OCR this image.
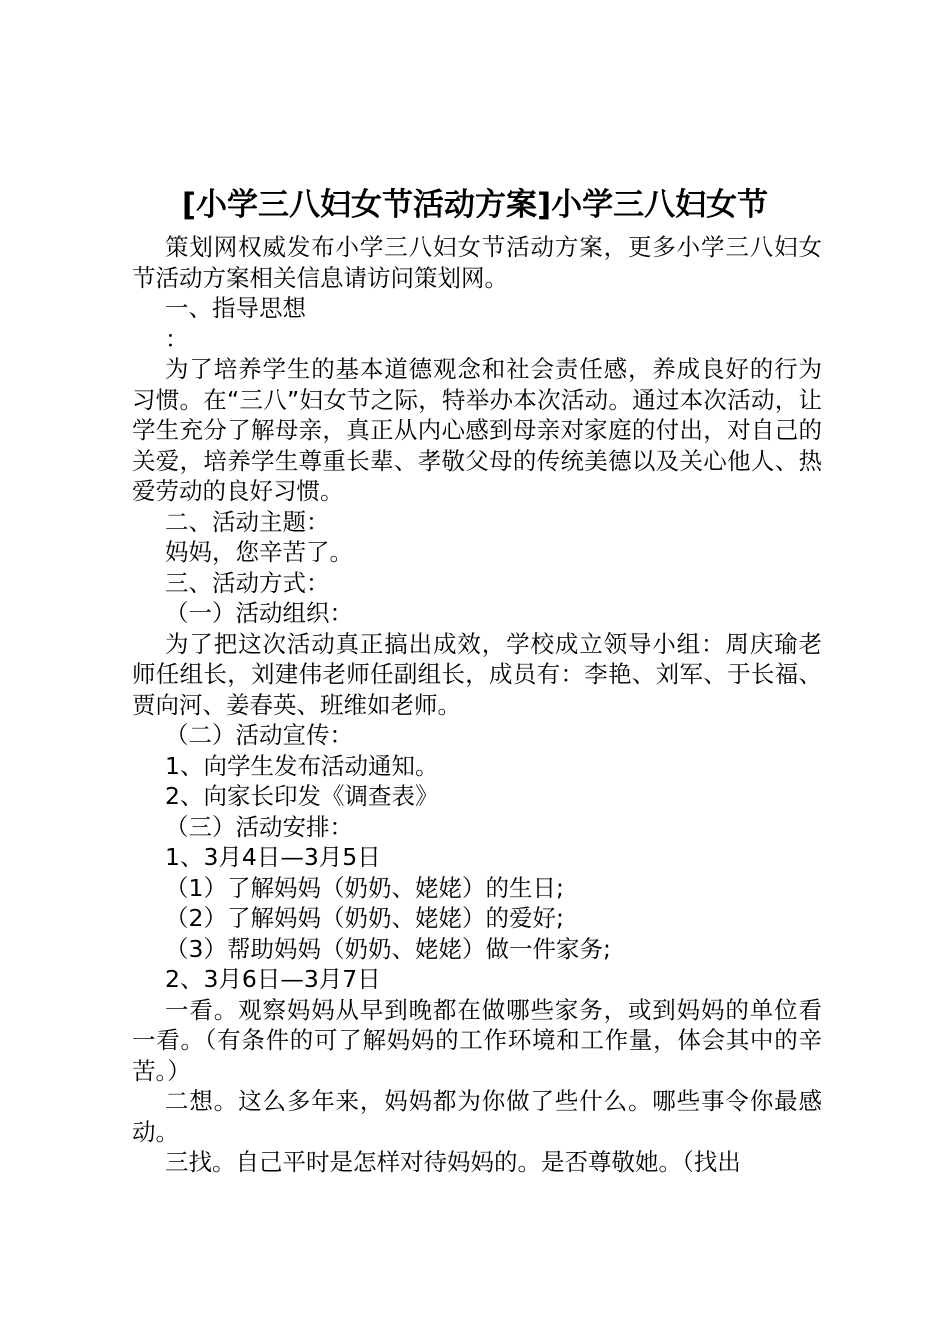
[小学三八妇女节活动方案]小学三八妇女节

策划网权威发布小学三八妇女节活动方案，更多小学三八妇女节活动方案相关信息请访问策划网。

一、指导思想

：

为了培养学生的基本道德观念和社会责任感，养成良好的行为习惯。在“三八”妇女节之际，特举办本次活动。通过本次活动，让学生充分了解母亲，真正从内心感到母亲对家庭的付出，对自己的关爱，培养学生尊重长辈、孝敬父母的传统美德以及关心他人、热爱劳动的良好习惯。

二、活动主题：

妈妈，您辛苦了。

三、活动方式：

（一）活动组织：

为了把这次活动真正搞出成效，学校成立领导小组：周庆瑜老师任组长，刘建伟老师任副组长，成员有：李艳、刘军、于长福、贾向河、姜春英、班维如老师。

（二）活动宣传：

1、向学生发布活动通知。

2、向家长印发《调查表》

（三）活动安排：

1、3月4日—3月5日

（1）了解妈妈（奶奶、姥姥）的生日;

（2）了解妈妈（奶奶、姥姥）的爱好;

（3）帮助妈妈（奶奶、姥姥）做一件家务;

2、3月6日—3月7日

一看。观察妈妈从早到晚都在做哪些家务，或到妈妈的单位看一看。（有条件的可了解妈妈的工作环境和工作量，体会其中的辛苦。）

二想。这么多年来，妈妈都为你做了些什么。哪些事令你最感动。

三找。自己平时是怎样对待妈妈的。是否尊敬她。（找出
